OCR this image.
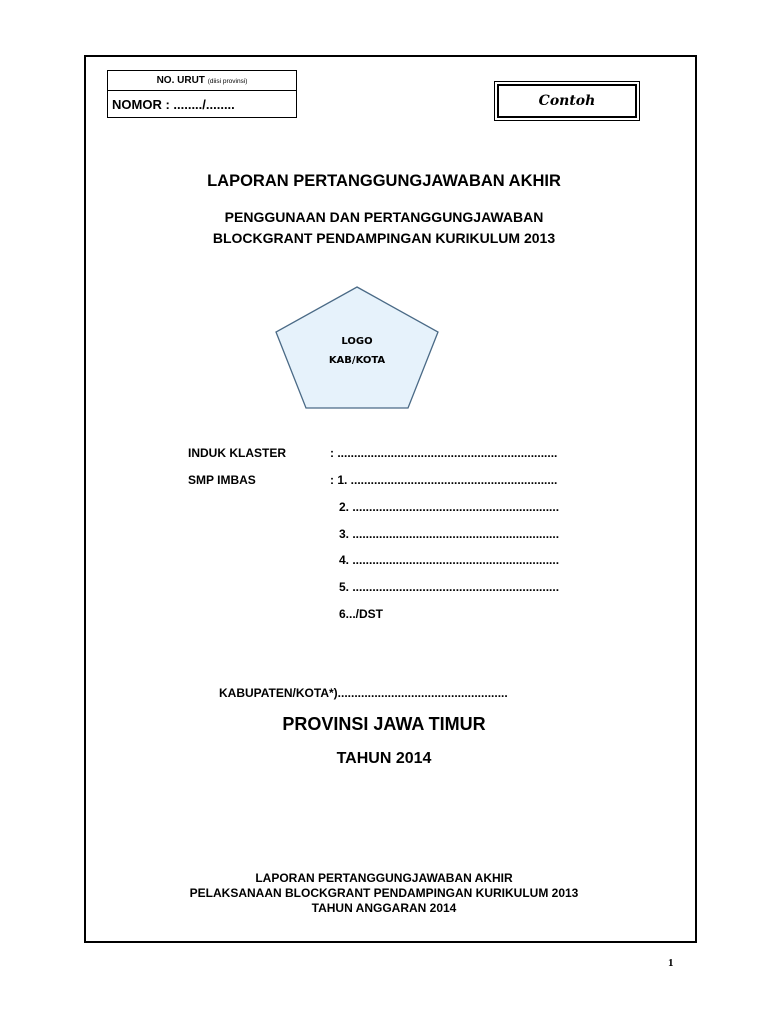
NO. URUT (diisi provinsi)
NOMOR : ......../........	Contoh
LAPORAN PERTANGGUNGJAWABAN AKHIR
PENGGUNAAN DAN PERTANGGUNGJAWABAN
BLOCKGRANT PENDAMPINGAN KURIKULUM 2013
LOGO
KAB/KOTA
INDUK KLASTER	: ..................................................................
SMP IMBAS	: 1. ..............................................................
2. ..............................................................
3. ..............................................................
4. ..............................................................
5. ..............................................................
6.../DST
KABUPATEN/KOTA*)...................................................
PROVINSI JAWA TIMUR
TAHUN 2014
LAPORAN PERTANGGUNGJAWABAN AKHIR
PELAKSANAAN BLOCKGRANT PENDAMPINGAN KURIKULUM 2013
TAHUN ANGGARAN 2014
1
